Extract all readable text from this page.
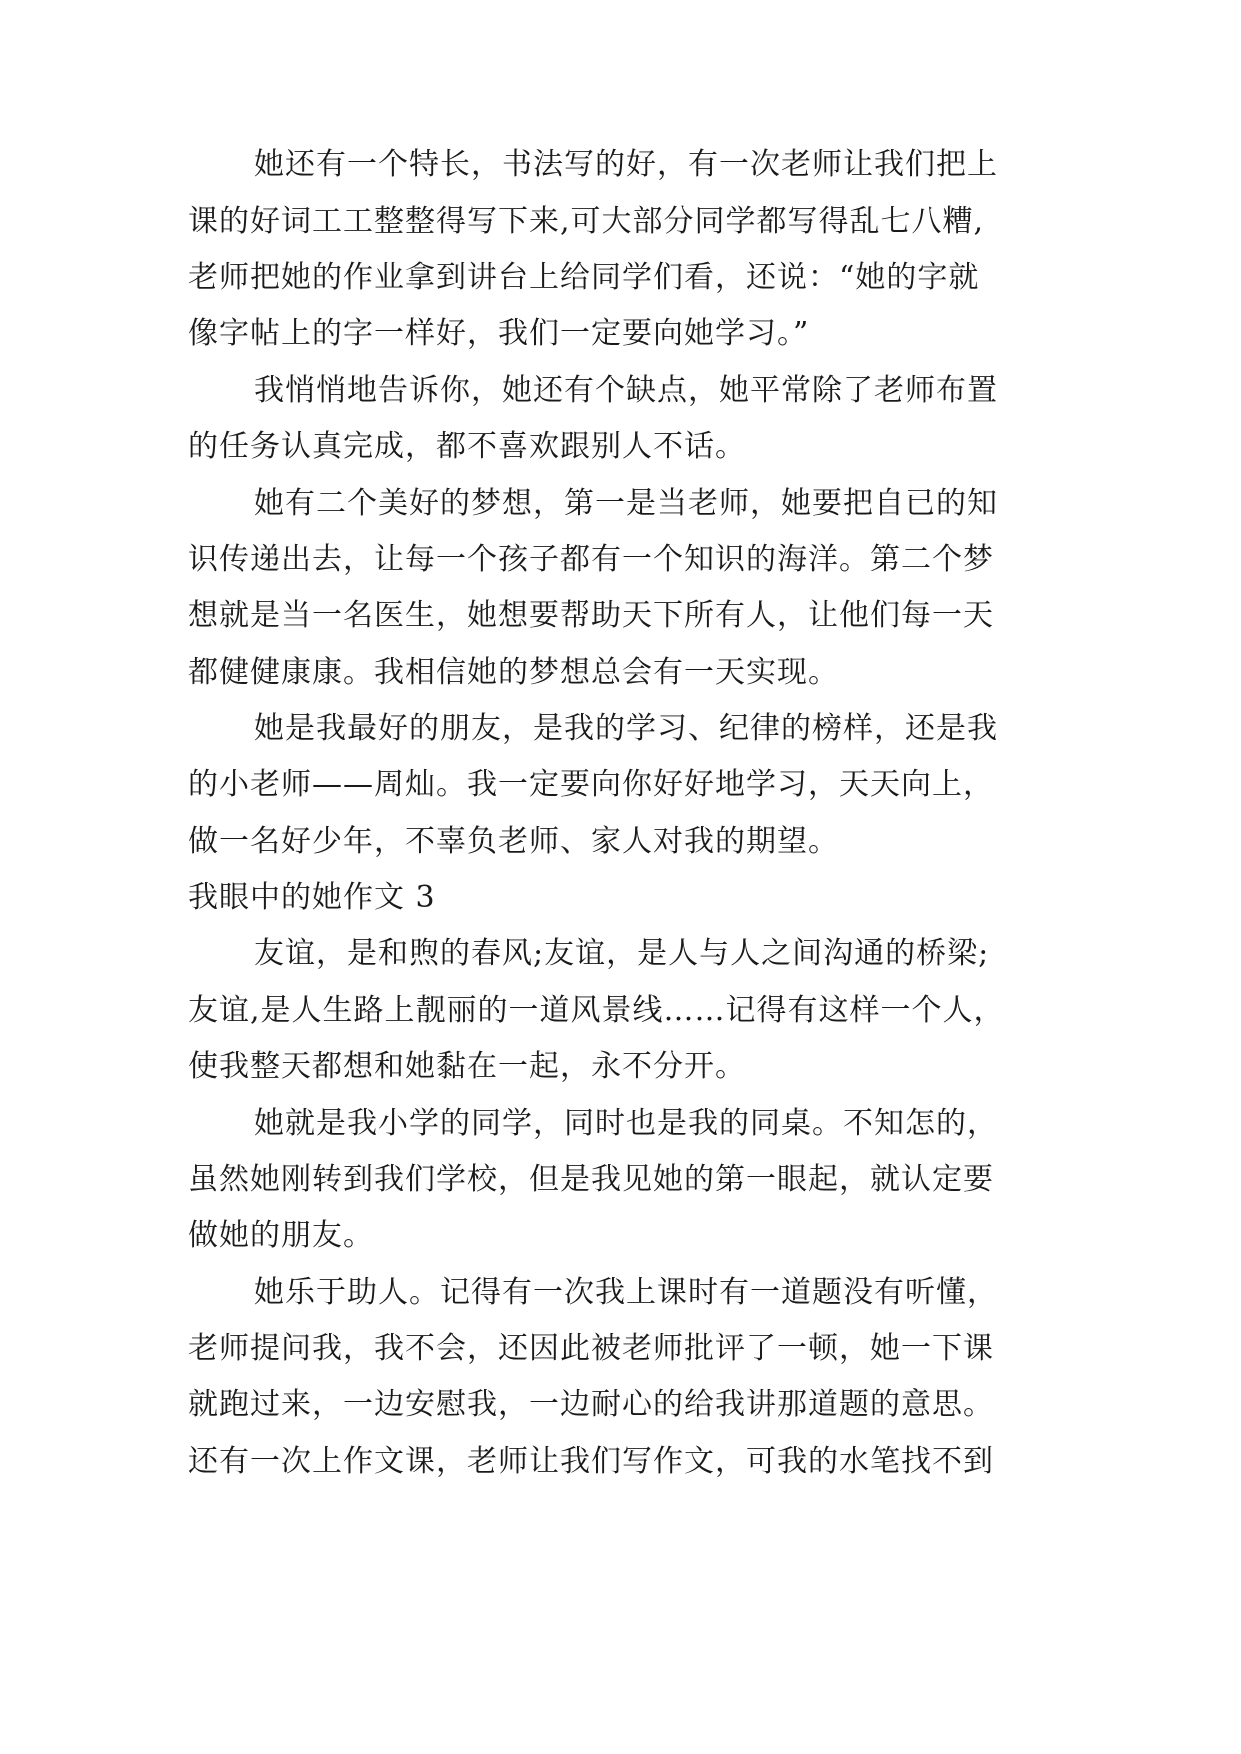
她还有一个特长，书法写的好，有一次老师让我们把上
课的好词工工整整得写下来,可大部分同学都写得乱七八糟,
老师把她的作业拿到讲台上给同学们看，还说：“她的字就
像字帖上的字一样好，我们一定要向她学习。”
我悄悄地告诉你，她还有个缺点，她平常除了老师布置
的任务认真完成，都不喜欢跟别人不话。
她有二个美好的梦想，第一是当老师，她要把自已的知
识传递出去，让每一个孩子都有一个知识的海洋。第二个梦
想就是当一名医生，她想要帮助天下所有人，让他们每一天
都健健康康。我相信她的梦想总会有一天实现。
她是我最好的朋友，是我的学习、纪律的榜样，还是我
的小老师——周灿。我一定要向你好好地学习，天天向上，
做一名好少年，不辜负老师、家人对我的期望。
我眼中的她作文 3
友谊，是和煦的春风;友谊，是人与人之间沟通的桥梁;
友谊,是人生路上靓丽的一道风景线……记得有这样一个人，
使我整天都想和她黏在一起，永不分开。
她就是我小学的同学，同时也是我的同桌。不知怎的，
虽然她刚转到我们学校，但是我见她的第一眼起，就认定要
做她的朋友。
她乐于助人。记得有一次我上课时有一道题没有听懂，
老师提问我，我不会，还因此被老师批评了一顿，她一下课
就跑过来，一边安慰我，一边耐心的给我讲那道题的意思。
还有一次上作文课，老师让我们写作文，可我的水笔找不到
